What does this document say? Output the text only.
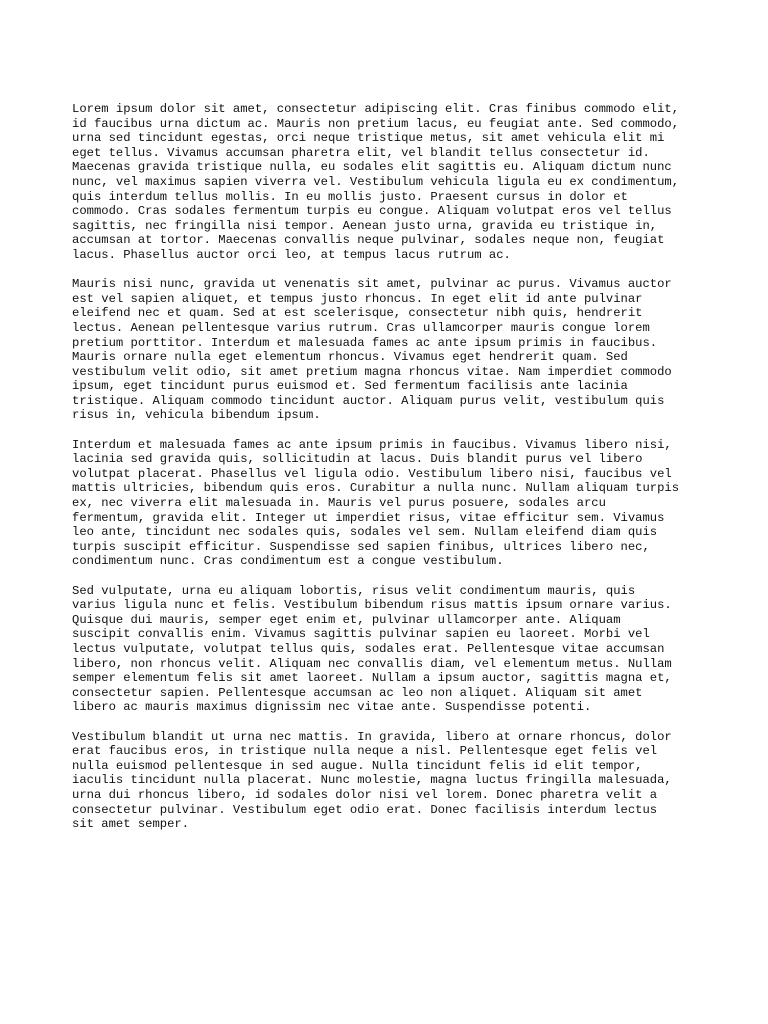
Lorem ipsum dolor sit amet, consectetur adipiscing elit. Cras finibus commodo elit,
id faucibus urna dictum ac. Mauris non pretium lacus, eu feugiat ante. Sed commodo,
urna sed tincidunt egestas, orci neque tristique metus, sit amet vehicula elit mi
eget tellus. Vivamus accumsan pharetra elit, vel blandit tellus consectetur id.
Maecenas gravida tristique nulla, eu sodales elit sagittis eu. Aliquam dictum nunc
nunc, vel maximus sapien viverra vel. Vestibulum vehicula ligula eu ex condimentum,
quis interdum tellus mollis. In eu mollis justo. Praesent cursus in dolor et
commodo. Cras sodales fermentum turpis eu congue. Aliquam volutpat eros vel tellus
sagittis, nec fringilla nisi tempor. Aenean justo urna, gravida eu tristique in,
accumsan at tortor. Maecenas convallis neque pulvinar, sodales neque non, feugiat
lacus. Phasellus auctor orci leo, at tempus lacus rutrum ac.

Mauris nisi nunc, gravida ut venenatis sit amet, pulvinar ac purus. Vivamus auctor
est vel sapien aliquet, et tempus justo rhoncus. In eget elit id ante pulvinar
eleifend nec et quam. Sed at est scelerisque, consectetur nibh quis, hendrerit
lectus. Aenean pellentesque varius rutrum. Cras ullamcorper mauris congue lorem
pretium porttitor. Interdum et malesuada fames ac ante ipsum primis in faucibus.
Mauris ornare nulla eget elementum rhoncus. Vivamus eget hendrerit quam. Sed
vestibulum velit odio, sit amet pretium magna rhoncus vitae. Nam imperdiet commodo
ipsum, eget tincidunt purus euismod et. Sed fermentum facilisis ante lacinia
tristique. Aliquam commodo tincidunt auctor. Aliquam purus velit, vestibulum quis
risus in, vehicula bibendum ipsum.

Interdum et malesuada fames ac ante ipsum primis in faucibus. Vivamus libero nisi,
lacinia sed gravida quis, sollicitudin at lacus. Duis blandit purus vel libero
volutpat placerat. Phasellus vel ligula odio. Vestibulum libero nisi, faucibus vel
mattis ultricies, bibendum quis eros. Curabitur a nulla nunc. Nullam aliquam turpis
ex, nec viverra elit malesuada in. Mauris vel purus posuere, sodales arcu
fermentum, gravida elit. Integer ut imperdiet risus, vitae efficitur sem. Vivamus
leo ante, tincidunt nec sodales quis, sodales vel sem. Nullam eleifend diam quis
turpis suscipit efficitur. Suspendisse sed sapien finibus, ultrices libero nec,
condimentum nunc. Cras condimentum est a congue vestibulum.

Sed vulputate, urna eu aliquam lobortis, risus velit condimentum mauris, quis
varius ligula nunc et felis. Vestibulum bibendum risus mattis ipsum ornare varius.
Quisque dui mauris, semper eget enim et, pulvinar ullamcorper ante. Aliquam
suscipit convallis enim. Vivamus sagittis pulvinar sapien eu laoreet. Morbi vel
lectus vulputate, volutpat tellus quis, sodales erat. Pellentesque vitae accumsan
libero, non rhoncus velit. Aliquam nec convallis diam, vel elementum metus. Nullam
semper elementum felis sit amet laoreet. Nullam a ipsum auctor, sagittis magna et,
consectetur sapien. Pellentesque accumsan ac leo non aliquet. Aliquam sit amet
libero ac mauris maximus dignissim nec vitae ante. Suspendisse potenti.

Vestibulum blandit ut urna nec mattis. In gravida, libero at ornare rhoncus, dolor
erat faucibus eros, in tristique nulla neque a nisl. Pellentesque eget felis vel
nulla euismod pellentesque in sed augue. Nulla tincidunt felis id elit tempor,
iaculis tincidunt nulla placerat. Nunc molestie, magna luctus fringilla malesuada,
urna dui rhoncus libero, id sodales dolor nisi vel lorem. Donec pharetra velit a
consectetur pulvinar. Vestibulum eget odio erat. Donec facilisis interdum lectus
sit amet semper.
